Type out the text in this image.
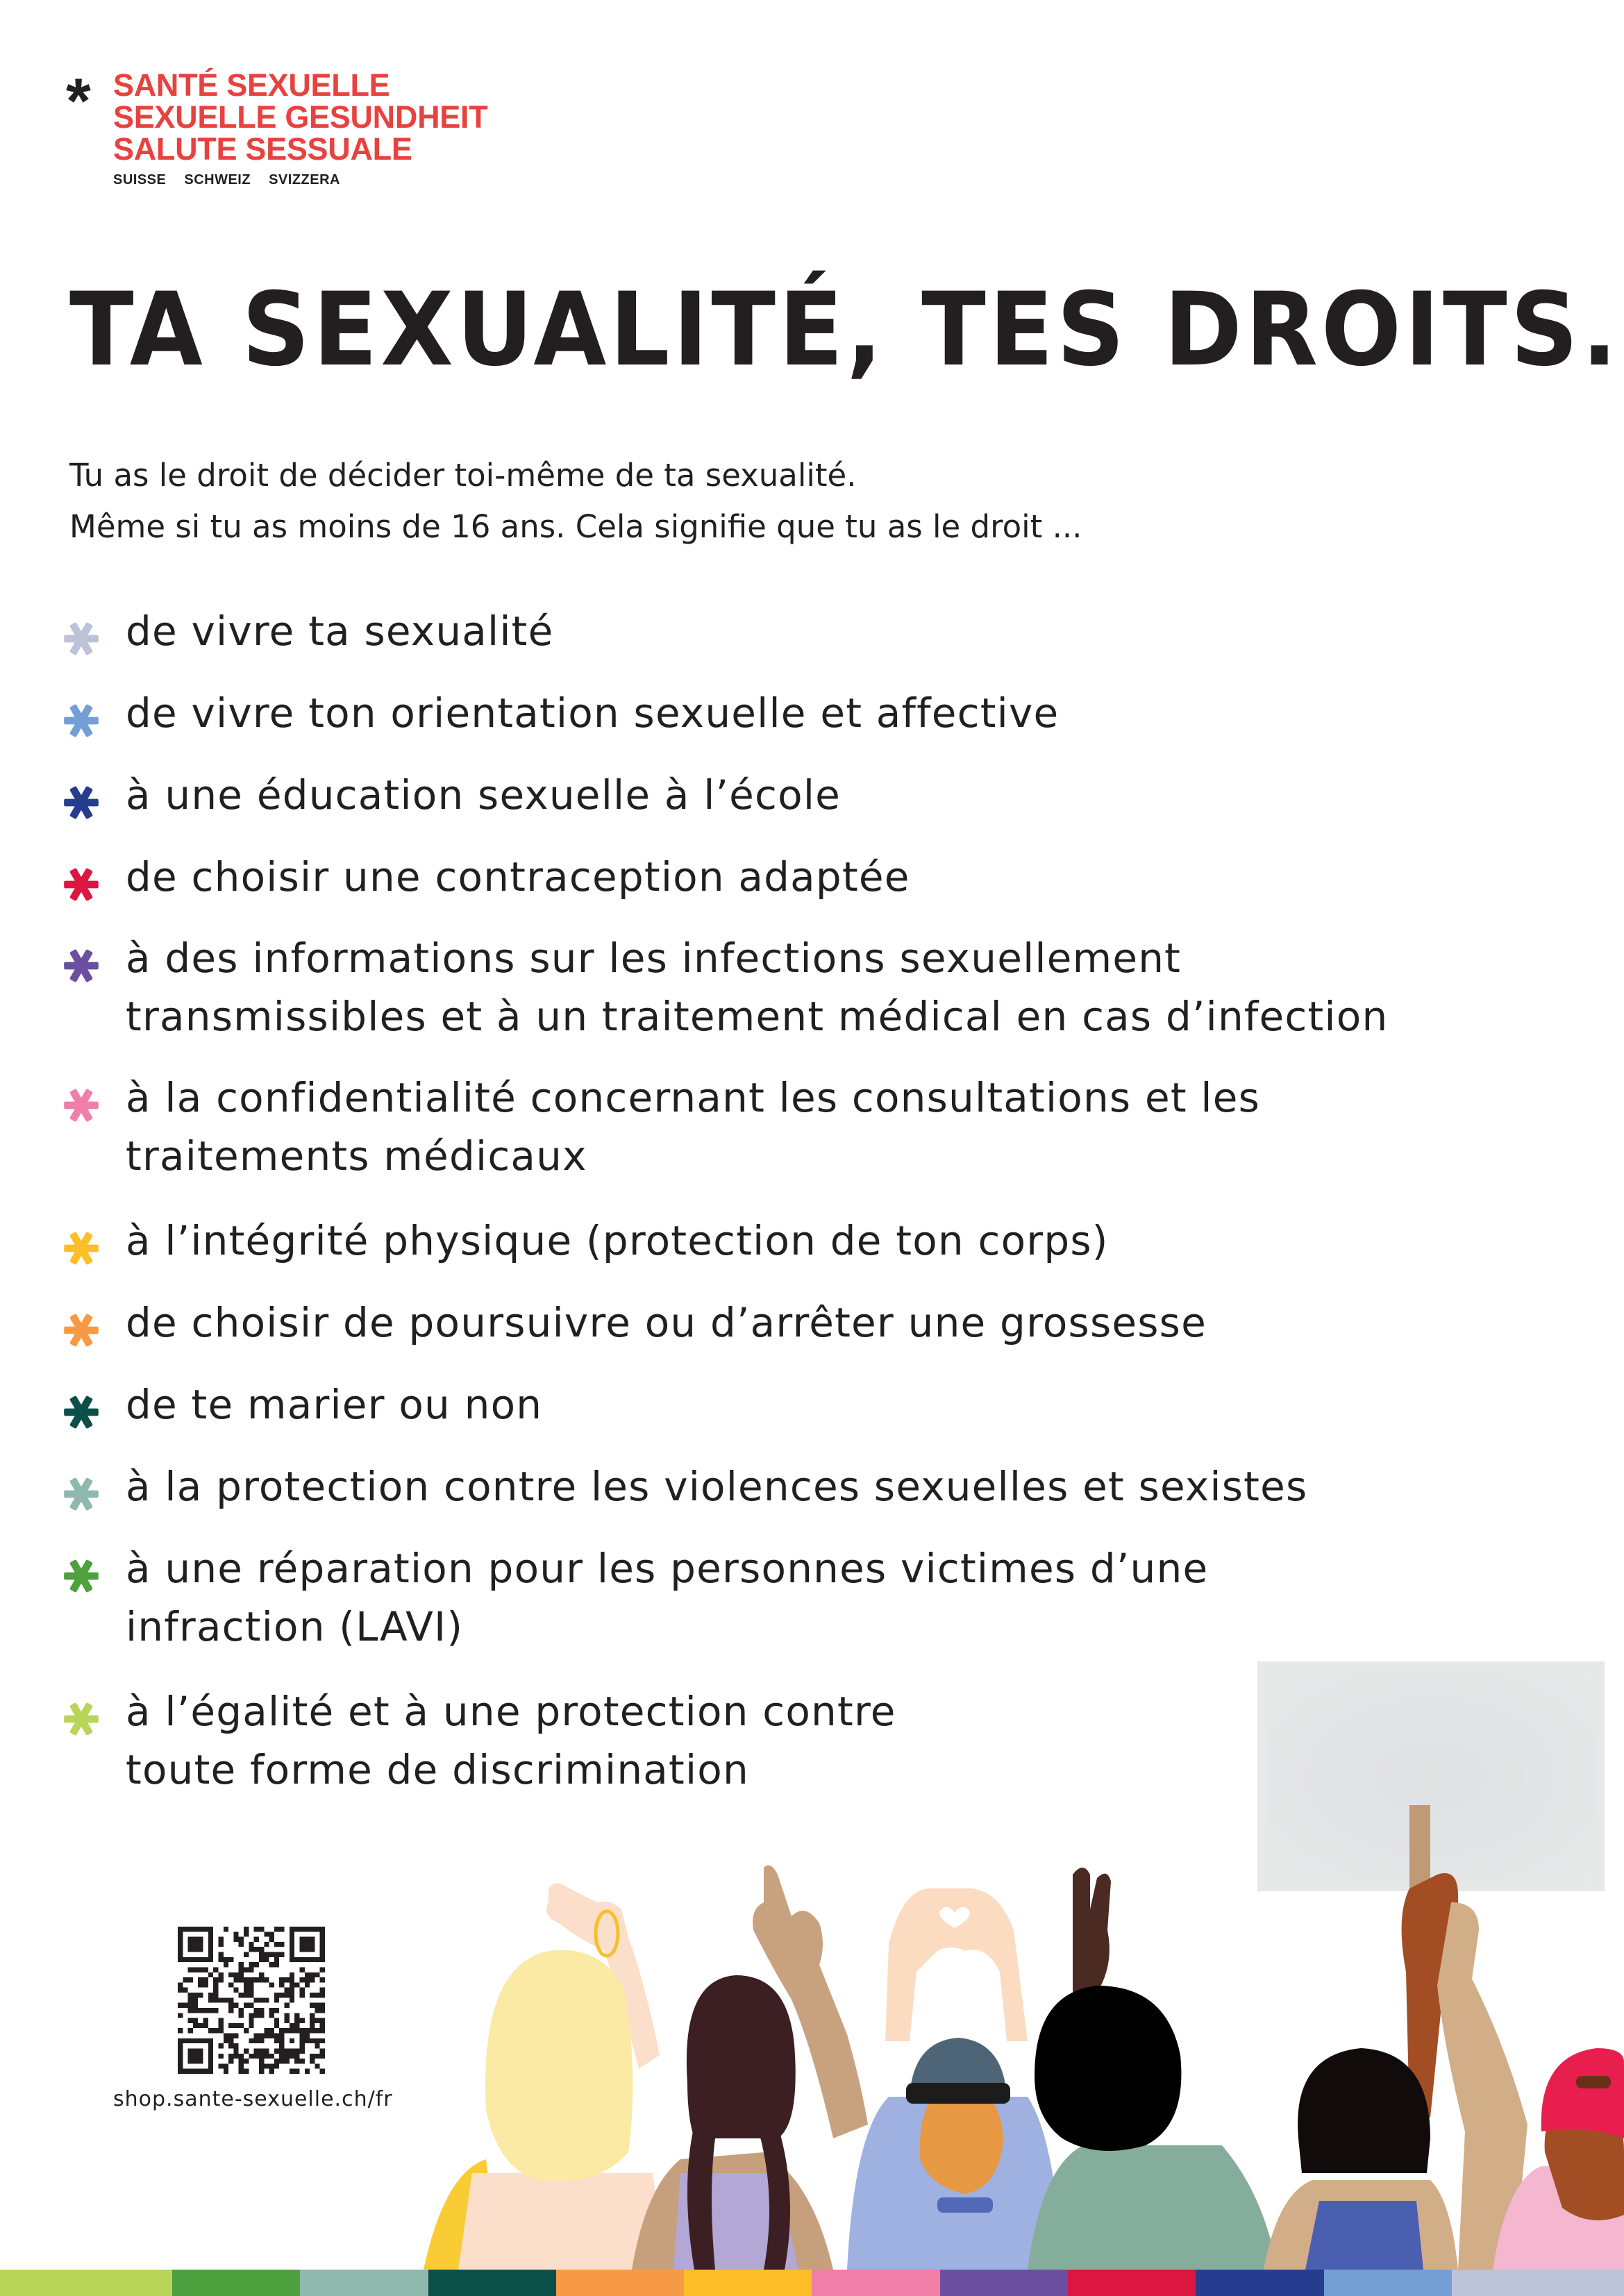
* SANTÉ SEXUELLE
SEXUELLE GESUNDHEIT
SALUTE SESSUALE
SUISSE SCHWEIZ SVIZZERA
TA SEXUALITÉ, TES DROITS.
Tu as le droit de décider toi-même de ta sexualité.
Même si tu as moins de 16 ans. Cela signifie que tu as le droit ...
de vivre ta sexualité
de vivre ton orientation sexuelle et affective
à une éducation sexuelle à l’école
de choisir une contraception adaptée
à des informations sur les infections sexuellement
transmissibles et à un traitement médical en cas d’infection
à la confidentialité concernant les consultations et les
traitements médicaux
à l’intégrité physique (protection de ton corps)
de choisir de poursuivre ou d’arrêter une grossesse
de te marier ou non
à la protection contre les violences sexuelles et sexistes
à une réparation pour les personnes victimes d’une
infraction (LAVI)
à l’égalité et à une protection contre
toute forme de discrimination
shop.sante-sexuelle.ch/fr
